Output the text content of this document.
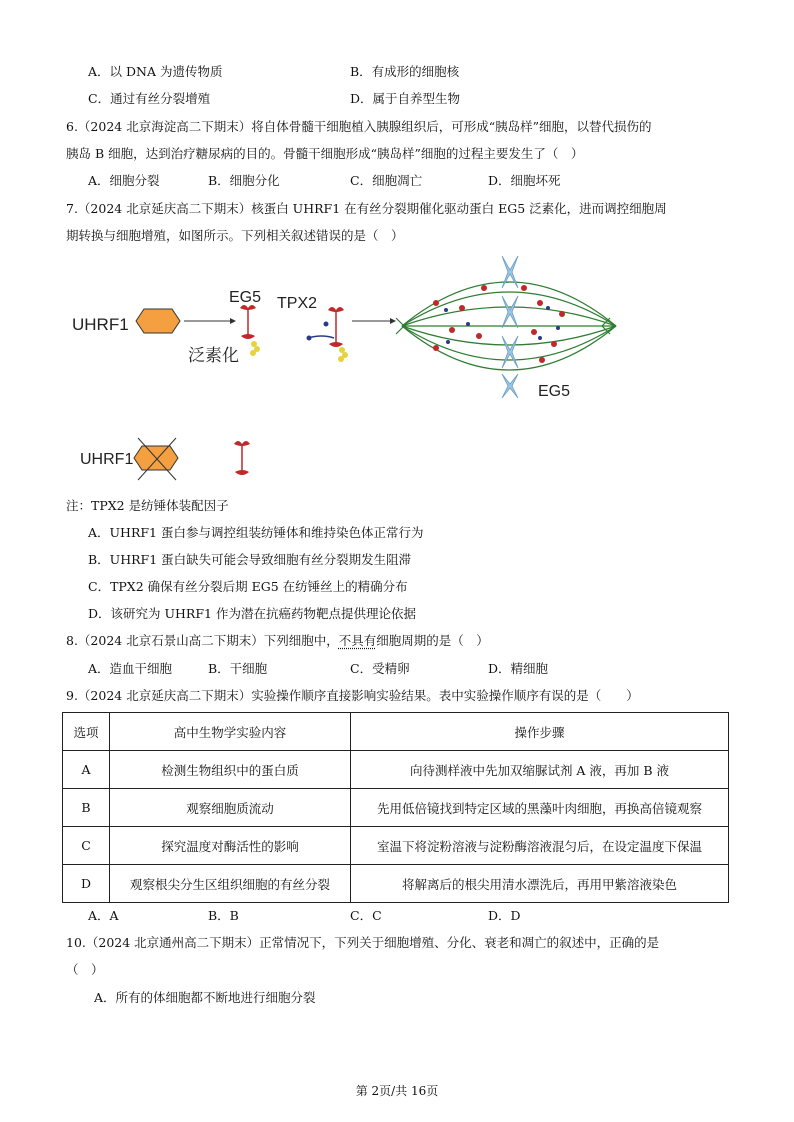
A．以 DNA 为遗传物质	B．有成形的细胞核
C．通过有丝分裂增殖	D．属于自养型生物
6.（2024 北京海淀高二下期末）将自体骨髓干细胞植入胰腺组织后，可形成“胰岛样”细胞，以替代损伤的
胰岛 B 细胞，达到治疗糖尿病的目的。骨髓干细胞形成“胰岛样”细胞的过程主要发生了（　）
A．细胞分裂	B．细胞分化	C．细胞凋亡	D．细胞坏死
7.（2024 北京延庆高二下期末）核蛋白 UHRF1 在有丝分裂期催化驱动蛋白 EG5 泛素化，进而调控细胞周
期转换与细胞增殖，如图所示。下列相关叙述错误的是（　）
UHRF1
EG5
泛素化
TPX2
EG5
UHRF1
注：TPX2 是纺锤体装配因子
A．UHRF1 蛋白参与调控组装纺锤体和维持染色体正常行为
B．UHRF1 蛋白缺失可能会导致细胞有丝分裂期发生阻滞
C．TPX2 确保有丝分裂后期 EG5 在纺锤丝上的精确分布
D．该研究为 UHRF1 作为潜在抗癌药物靶点提供理论依据
8.（2024 北京石景山高二下期末）下列细胞中，不具有细胞周期的是（　）
A．造血干细胞	B．干细胞	C．受精卵	D．精细胞
9.（2024 北京延庆高二下期末）实验操作顺序直接影响实验结果。表中实验操作顺序有误的是（　　）
选项	高中生物学实验内容	操作步骤
A	检测生物组织中的蛋白质	向待测样液中先加双缩脲试剂 A 液，再加 B 液
B	观察细胞质流动	先用低倍镜找到特定区域的黑藻叶肉细胞，再换高倍镜观察
C	探究温度对酶活性的影响	室温下将淀粉溶液与淀粉酶溶液混匀后，在设定温度下保温
D	观察根尖分生区组织细胞的有丝分裂	将解离后的根尖用清水漂洗后，再用甲紫溶液染色
A．A	B．B	C．C	D．D
10.（2024 北京通州高二下期末）正常情况下，下列关于细胞增殖、分化、衰老和凋亡的叙述中，正确的是
（　）
A．所有的体细胞都不断地进行细胞分裂
第 2页/共 16页
